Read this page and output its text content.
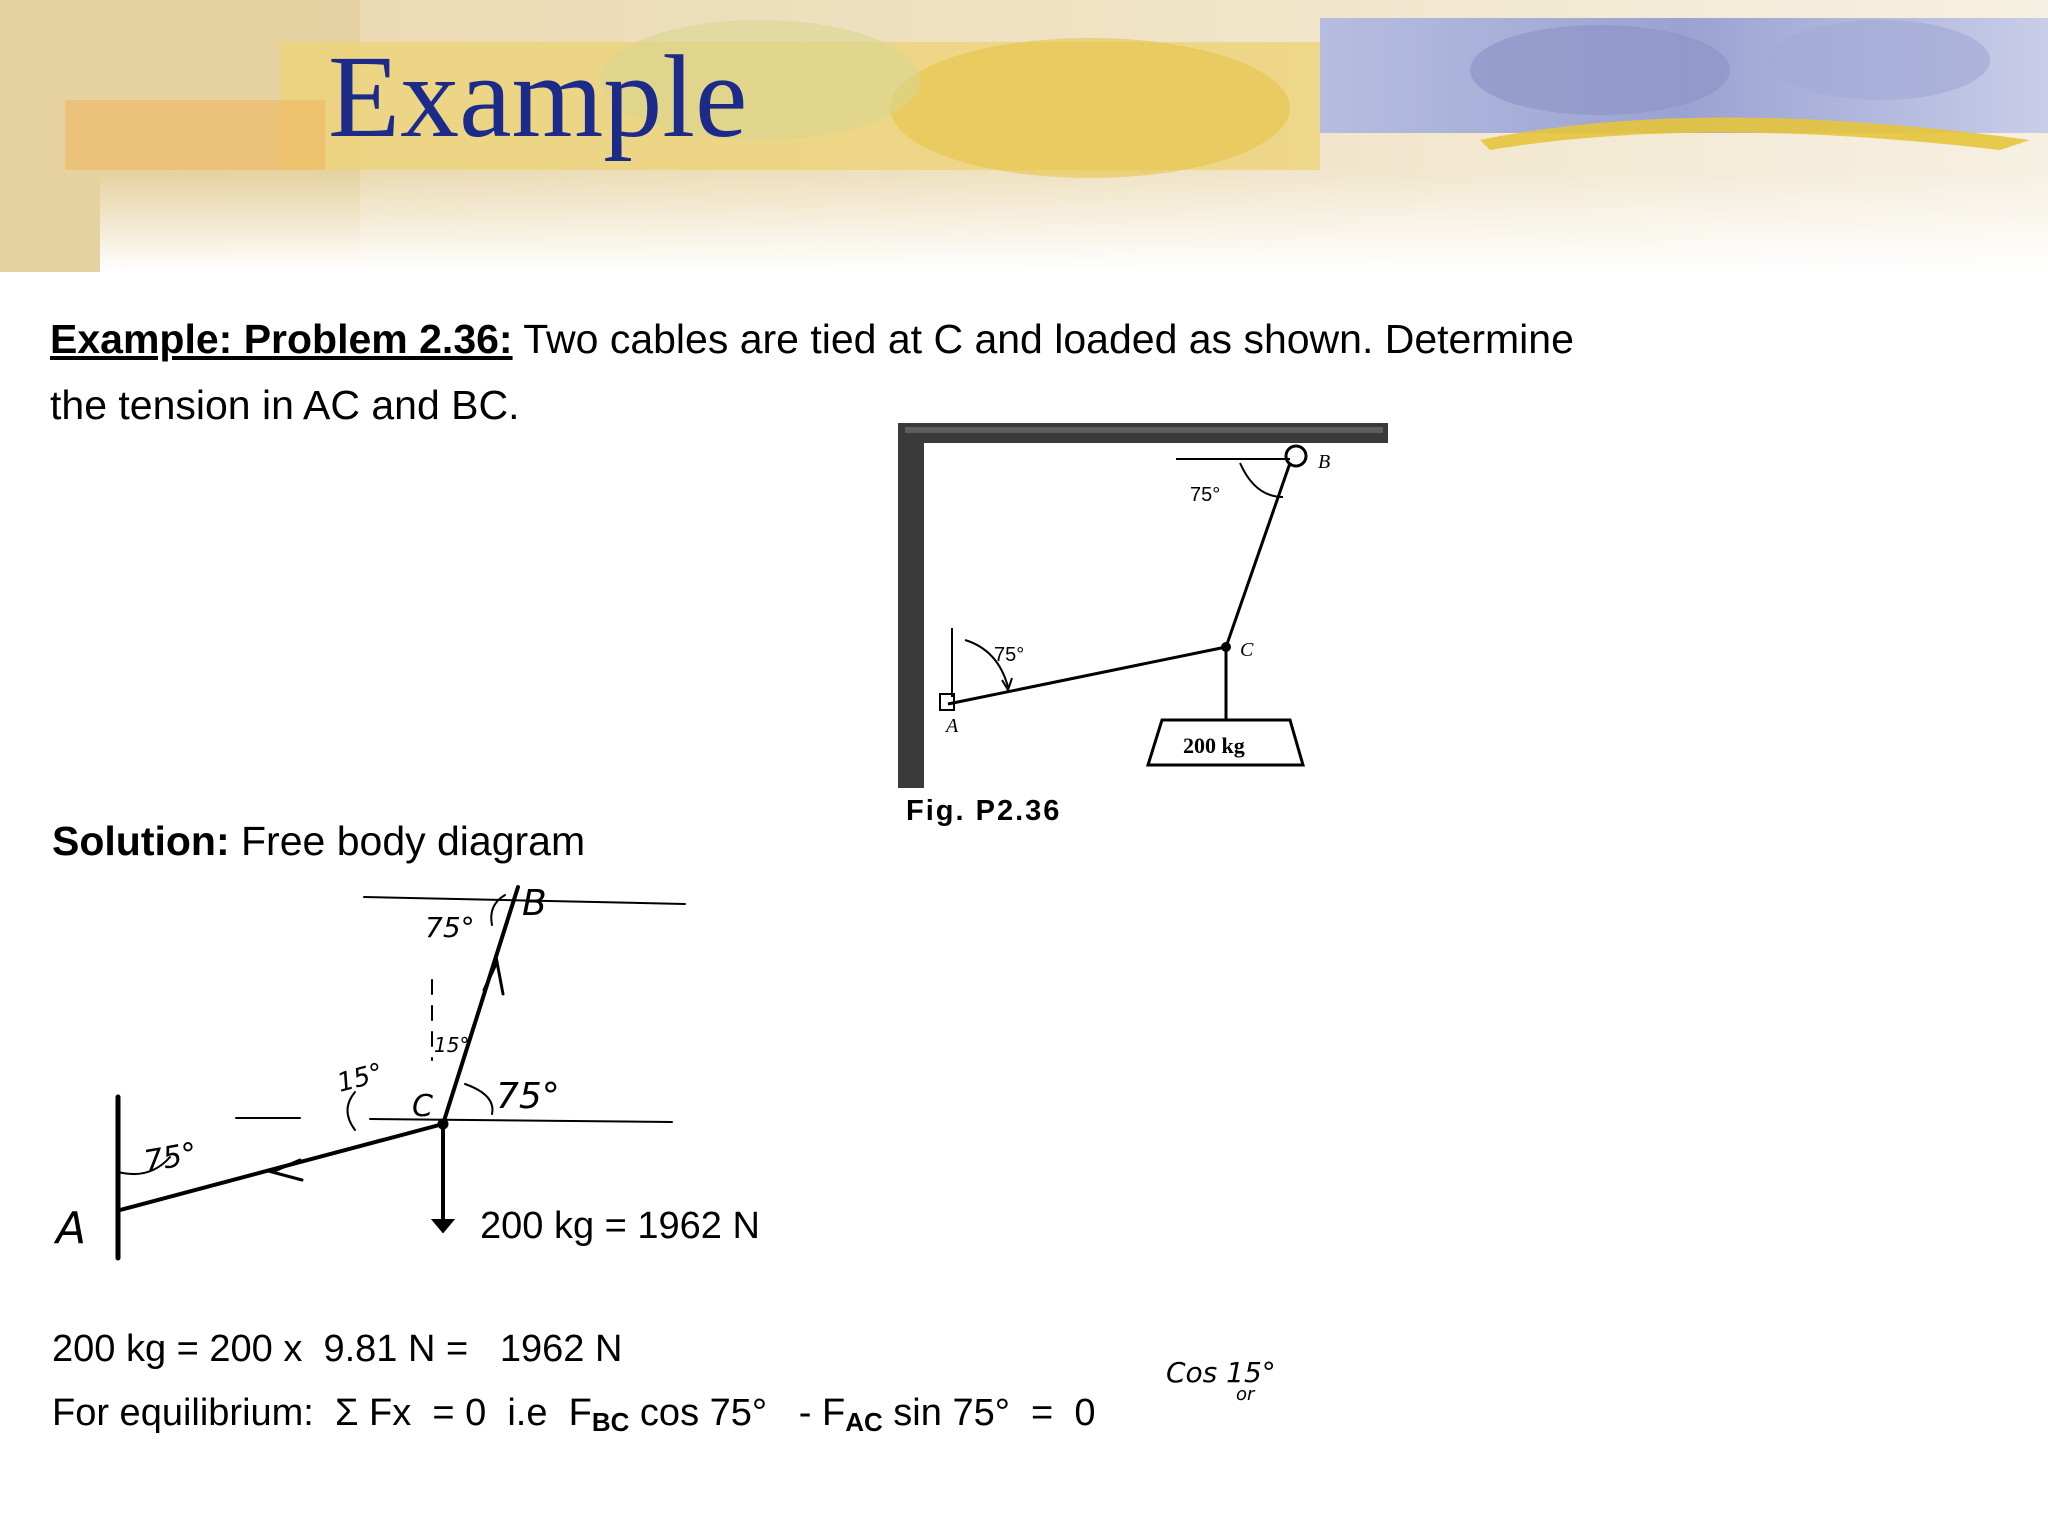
Example
Example: Problem 2.36: Two cables are tied at C and loaded as shown. Determine
the tension in AC and BC.
75°
75°
A
B
C
200 kg
A
B
C
75°
15°
75°
15°
75°
200 kg = 1962 N
Cos 15°
or
Fig. P2.36
Solution: Free body diagram
200 kg = 200 x  9.81 N =   1962 N
For equilibrium:  Σ Fx  = 0  i.e  $F_{BC}$ $\cos 75^\circ - F_{AC}$ sin 75°  =  0
